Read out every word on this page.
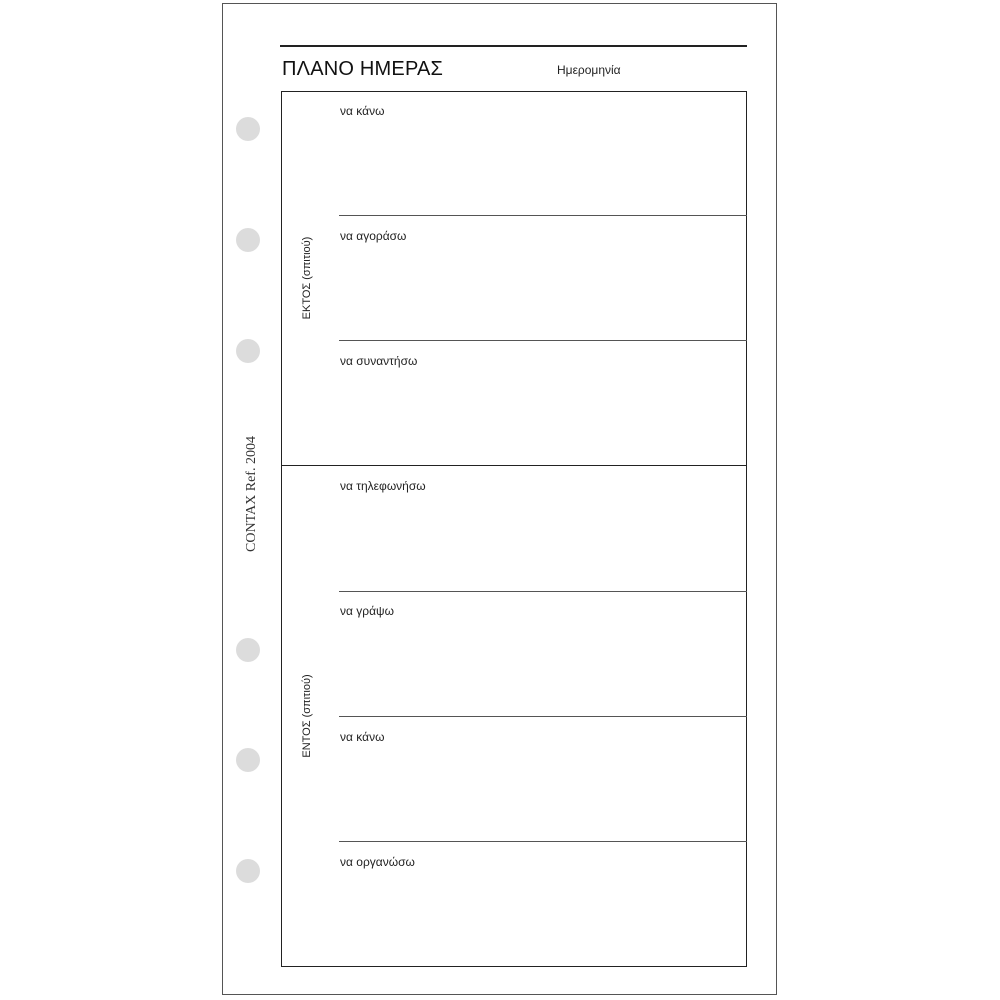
ΠΛΑΝΟ ΗΜΕΡΑΣ	Ημερομηνία
ΕΚΤΟΣ (σπιτιού)
ΕΝΤΟΣ (σπιτιού)
να κάνω
να αγοράσω
να συναντήσω
να τηλεφωνήσω
να γράψω
να κάνω
να οργανώσω
CONTAX Ref. 2004
